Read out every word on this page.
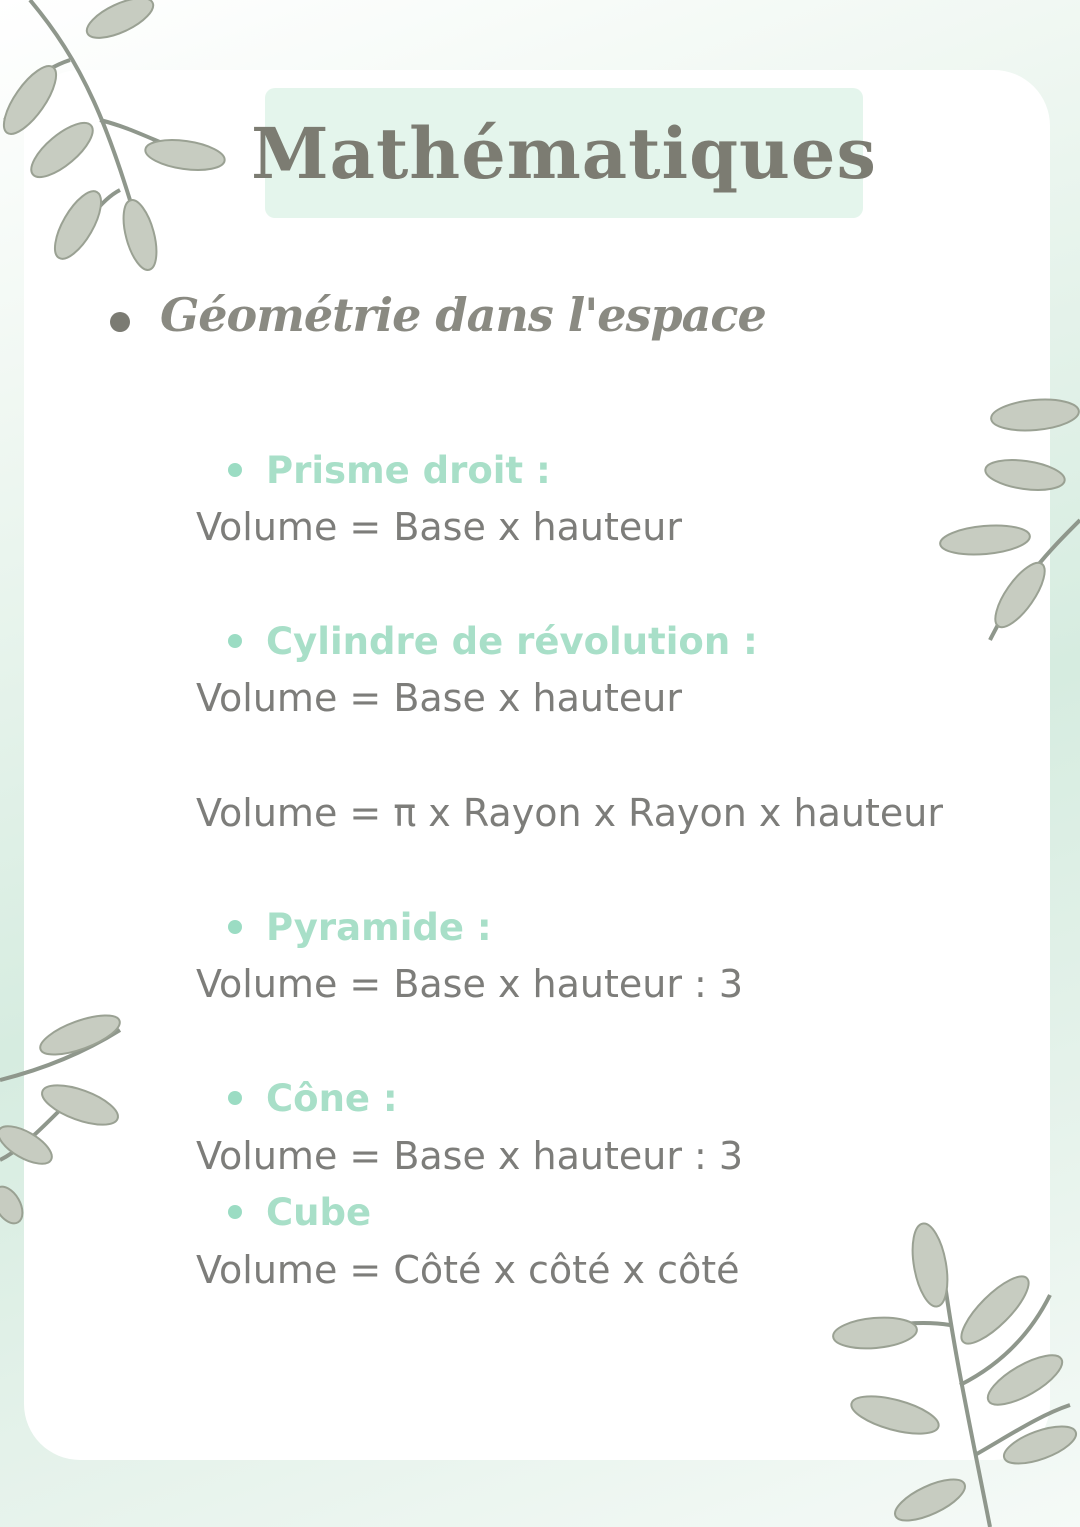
Mathématiques
Géométrie dans l'espace
Prisme droit :

Volume = Base x hauteur

Cylindre de révolution :

Volume = Base x hauteur

Volume = π x Rayon x Rayon x hauteur

Pyramide :

Volume = Base x hauteur : 3

Cône :

Volume = Base x hauteur : 3

Cube

Volume = Côté x côté x côté
